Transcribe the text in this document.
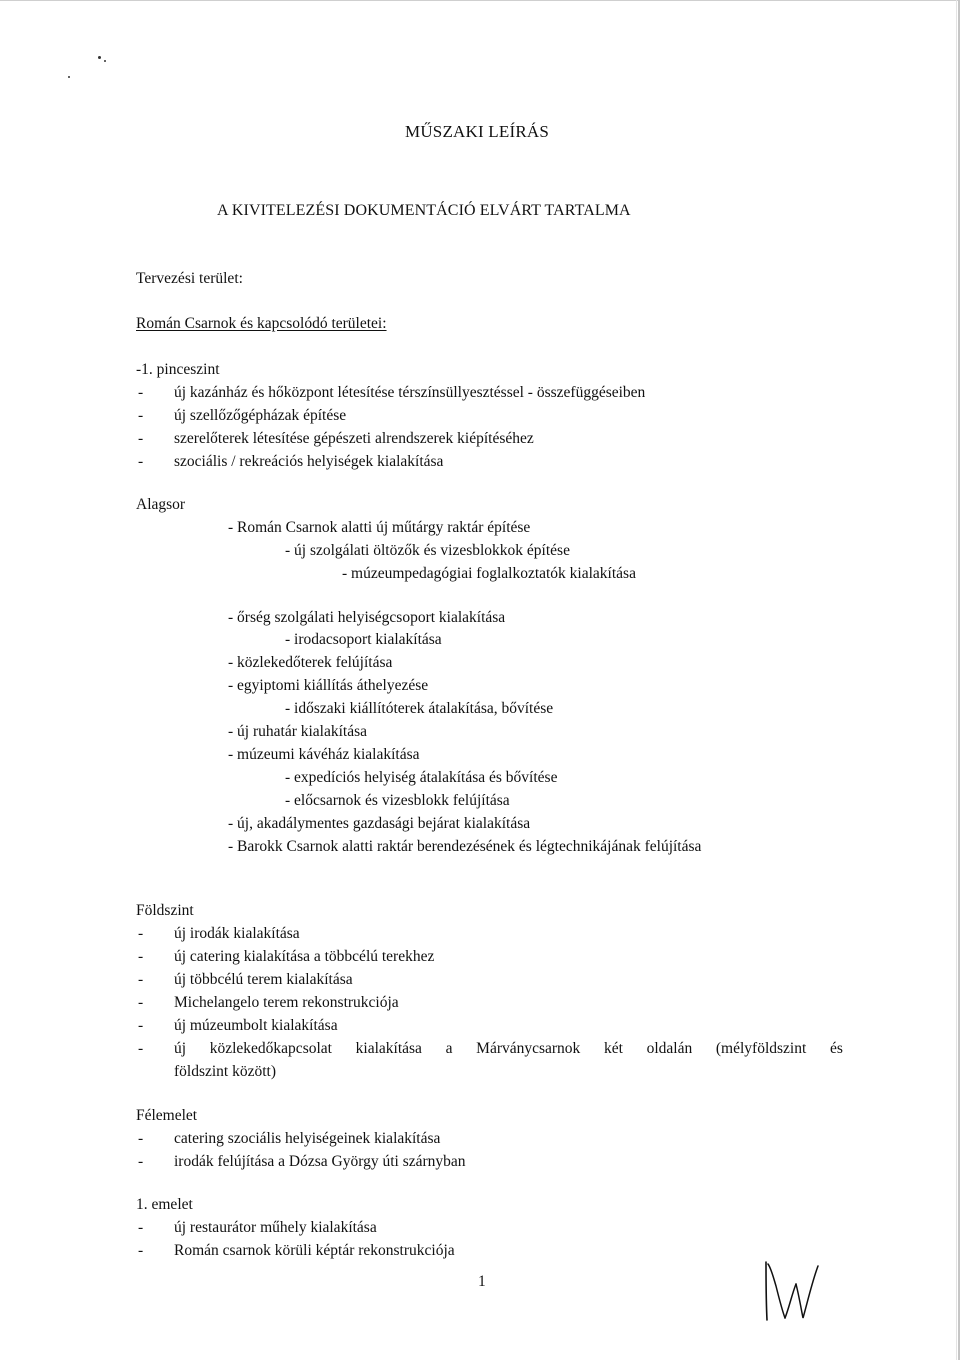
MŰSZAKI LEÍRÁS
A KIVITELEZÉSI DOKUMENTÁCIÓ ELVÁRT TARTALMA
Tervezési terület:
Román Csarnok és kapcsolódó területei:
-1. pinceszint
- új kazánház és hőközpont létesítése térszínsüllyesztéssel - összefüggéseiben
- új szellőzőgépházak építése
- szerelőterek létesítése gépészeti alrendszerek kiépítéséhez
- szociális / rekreációs helyiségek kialakítása
Alagsor
- Román Csarnok alatti új műtárgy raktár építése
- új szolgálati öltözők és vizesblokkok építése
- múzeumpedagógiai foglalkoztatók kialakítása
- őrség szolgálati helyiségcsoport kialakítása
- irodacsoport kialakítása
- közlekedőterek felújítása
- egyiptomi kiállítás áthelyezése
- időszaki kiállítóterek átalakítása, bővítése
- új ruhatár kialakítása
- múzeumi kávéház kialakítása
- expedíciós helyiség átalakítása és bővítése
- előcsarnok és vizesblokk felújítása
- új, akadálymentes gazdasági bejárat kialakítása
- Barokk Csarnok alatti raktár berendezésének és légtechnikájának felújítása
Földszint
- új irodák kialakítása
- új catering kialakítása a többcélú terekhez
- új többcélú terem kialakítása
- Michelangelo terem rekonstrukciója
- új múzeumbolt kialakítása
- új közlekedőkapcsolat kialakítása a Márványcsarnok két oldalán (mélyföldszint és
földszint között)
Félemelet
- catering szociális helyiségeinek kialakítása
- irodák felújítása a Dózsa György úti szárnyban
1. emelet
- új restaurátor műhely kialakítása
- Román csarnok körüli képtár rekonstrukciója
1
